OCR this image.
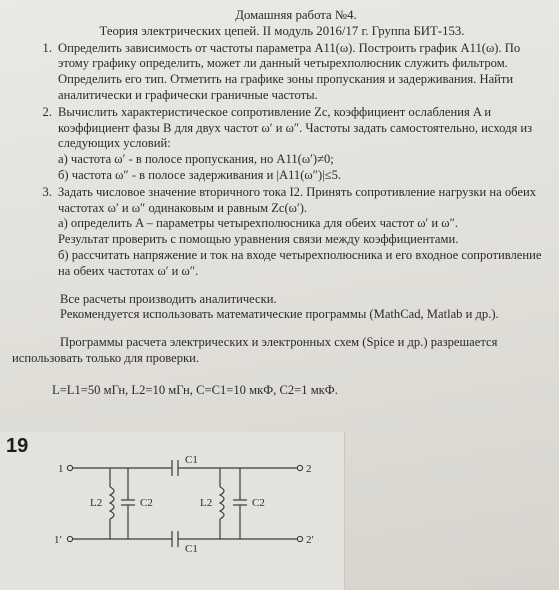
Домашняя работа №4.
Теория электрических цепей. II модуль 2016/17 г. Группа БИТ-153.
1. Определить зависимость от частоты параметра A11(ω). Построить график A11(ω). По этому графику определить, может ли данный четырехполюсник служить фильтром. Определить его тип. Отметить на графике зоны пропускания и задерживания. Найти аналитически и графически граничные частоты.
2. Вычислить характеристическое сопротивление Zc, коэффициент ослабления A и коэффициент фазы B для двух частот ω′ и ω″. Частоты задать самостоятельно, исходя из следующих условий:
а) частота ω′ - в полосе пропускания, но A11(ω′)≠0;
б) частота ω″ - в полосе задерживания и |A11(ω″)|≤5.
3. Задать числовое значение вторичного тока I2. Принять сопротивление нагрузки на обеих частотах ω′ и ω″ одинаковым и равным Zc(ω′).
а) определить A – параметры четырехполюсника для обеих частот ω′ и ω″.
Результат проверить с помощью уравнения связи между коэффициентами.
б) рассчитать напряжение и ток на входе четырехполюсника и его входное сопротивление на обеих частотах ω′ и ω″.
Все расчеты производить аналитически.
Рекомендуется использовать математические программы (MathCad, Matlab и др.).
Программы расчета электрических и электронных схем (Spice и др.) разрешается использовать только для проверки.
L=L1=50 мГн, L2=10 мГн, C=C1=10 мкФ, C2=1 мкФ.
19
1
1′
2
2′
C1
C1
L2	C2	L2	C2
